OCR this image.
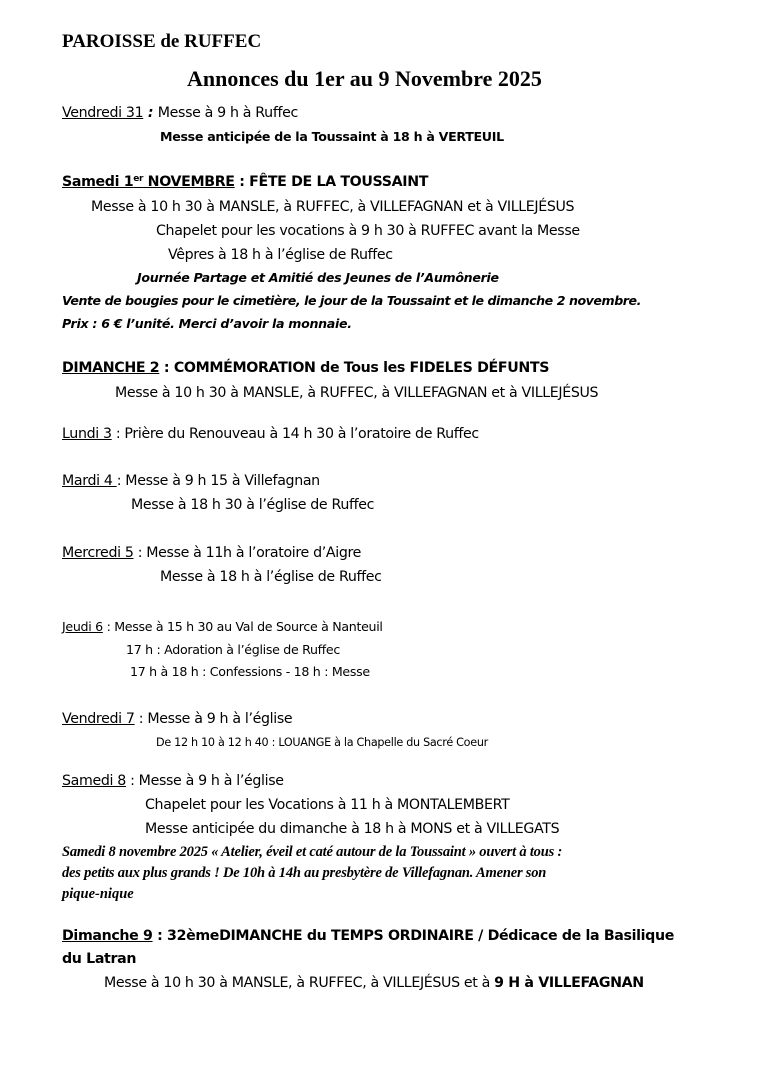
PAROISSE de RUFFEC
Annonces du 1er au 9 Novembre 2025
Vendredi 31 : Messe à 9 h à Ruffec
Messe anticipée de la Toussaint à 18 h à VERTEUIL
Samedi 1er NOVEMBRE : FÊTE DE LA TOUSSAINT
Messe à 10 h 30 à MANSLE, à RUFFEC, à VILLEFAGNAN et à VILLEJÉSUS
Chapelet pour les vocations à 9 h 30 à RUFFEC avant la Messe
Vêpres à 18 h à l’église de Ruffec
Journée Partage et Amitié des Jeunes de l’Aumônerie
Vente de bougies pour le cimetière, le jour de la Toussaint et le dimanche 2 novembre.
Prix : 6 € l’unité. Merci d’avoir la monnaie.
DIMANCHE 2 : COMMÉMORATION de Tous les FIDELES DÉFUNTS
Messe à 10 h 30 à MANSLE, à RUFFEC, à VILLEFAGNAN et à VILLEJÉSUS
Lundi 3 : Prière du Renouveau à 14 h 30 à l’oratoire de Ruffec
Mardi 4 : Messe à 9 h 15 à Villefagnan
Messe à 18 h 30 à l’église de Ruffec
Mercredi 5 : Messe à 11h à l’oratoire d’Aigre
Messe à 18 h à l’église de Ruffec
Jeudi 6 : Messe à 15 h 30 au Val de Source à Nanteuil
17 h : Adoration à l’église de Ruffec
17 h à 18 h : Confessions - 18 h : Messe
Vendredi 7 : Messe à 9 h à l’église
De 12 h 10 à 12 h 40 : LOUANGE à la Chapelle du Sacré Coeur
Samedi 8 : Messe à 9 h à l’église
Chapelet pour les Vocations à 11 h à MONTALEMBERT
Messe anticipée du dimanche à 18 h à MONS et à VILLEGATS
Samedi 8 novembre 2025 « Atelier, éveil et caté autour de la Toussaint » ouvert à tous :
des petits aux plus grands ! De 10h à 14h au presbytère de Villefagnan. Amener son
pique-nique
Dimanche 9 : 32èmeDIMANCHE du TEMPS ORDINAIRE / Dédicace de la Basilique
du Latran
Messe à 10 h 30 à MANSLE, à RUFFEC, à VILLEJÉSUS et à 9 H à VILLEFAGNAN
